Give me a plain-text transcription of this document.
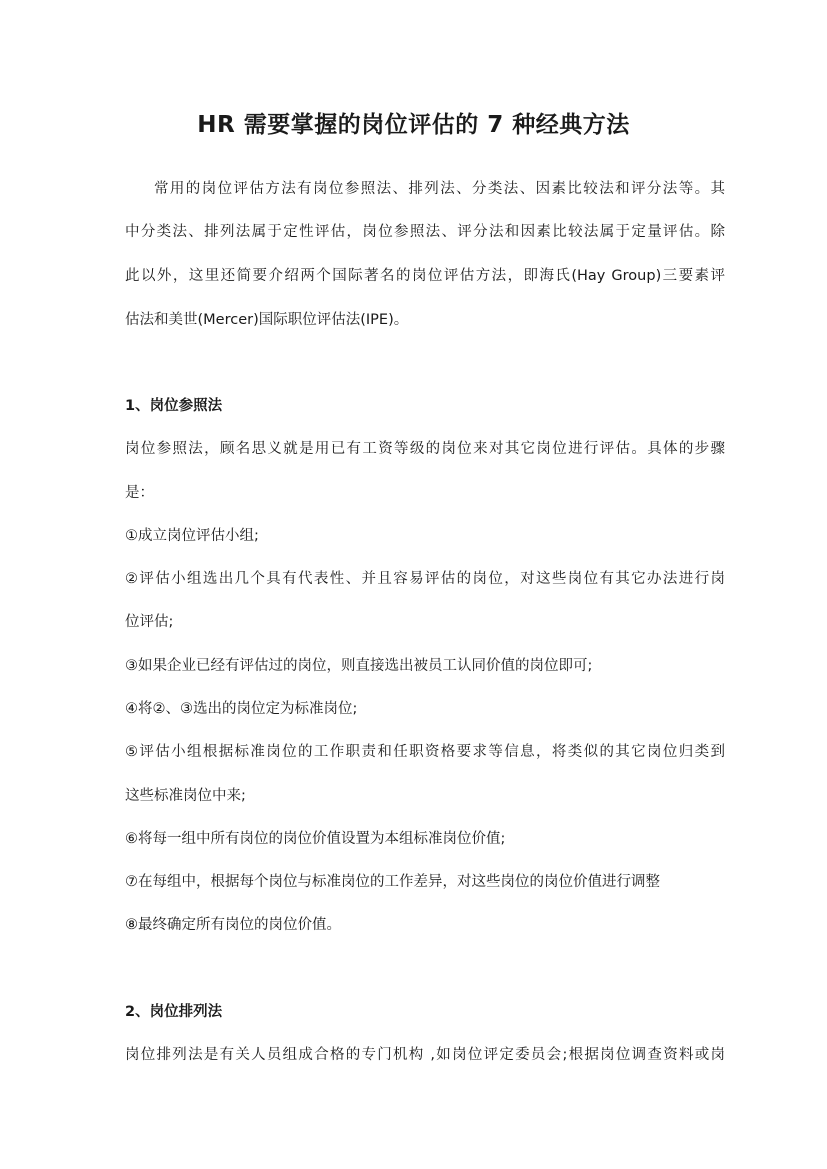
HR 需要掌握的岗位评估的 7 种经典方法

常用的岗位评估方法有岗位参照法、排列法、分类法、因素比较法和评分法等。其

中分类法、排列法属于定性评估，岗位参照法、评分法和因素比较法属于定量评估。除

此以外，这里还简要介绍两个国际著名的岗位评估方法，即海氏(Hay Group)三要素评

估法和美世(Mercer)国际职位评估法(IPE)。

1、岗位参照法

岗位参照法，顾名思义就是用已有工资等级的岗位来对其它岗位进行评估。具体的步骤

是：

①成立岗位评估小组;

②评估小组选出几个具有代表性、并且容易评估的岗位，对这些岗位有其它办法进行岗

位评估;

③如果企业已经有评估过的岗位，则直接选出被员工认同价值的岗位即可;

④将②、③选出的岗位定为标准岗位;

⑤评估小组根据标准岗位的工作职责和任职资格要求等信息，将类似的其它岗位归类到

这些标准岗位中来;

⑥将每一组中所有岗位的岗位价值设置为本组标准岗位价值;

⑦在每组中，根据每个岗位与标准岗位的工作差异，对这些岗位的岗位价值进行调整

⑧最终确定所有岗位的岗位价值。

2、岗位排列法

岗位排列法是有关人员组成合格的专门机构 ,如岗位评定委员会;根据岗位调查资料或岗
